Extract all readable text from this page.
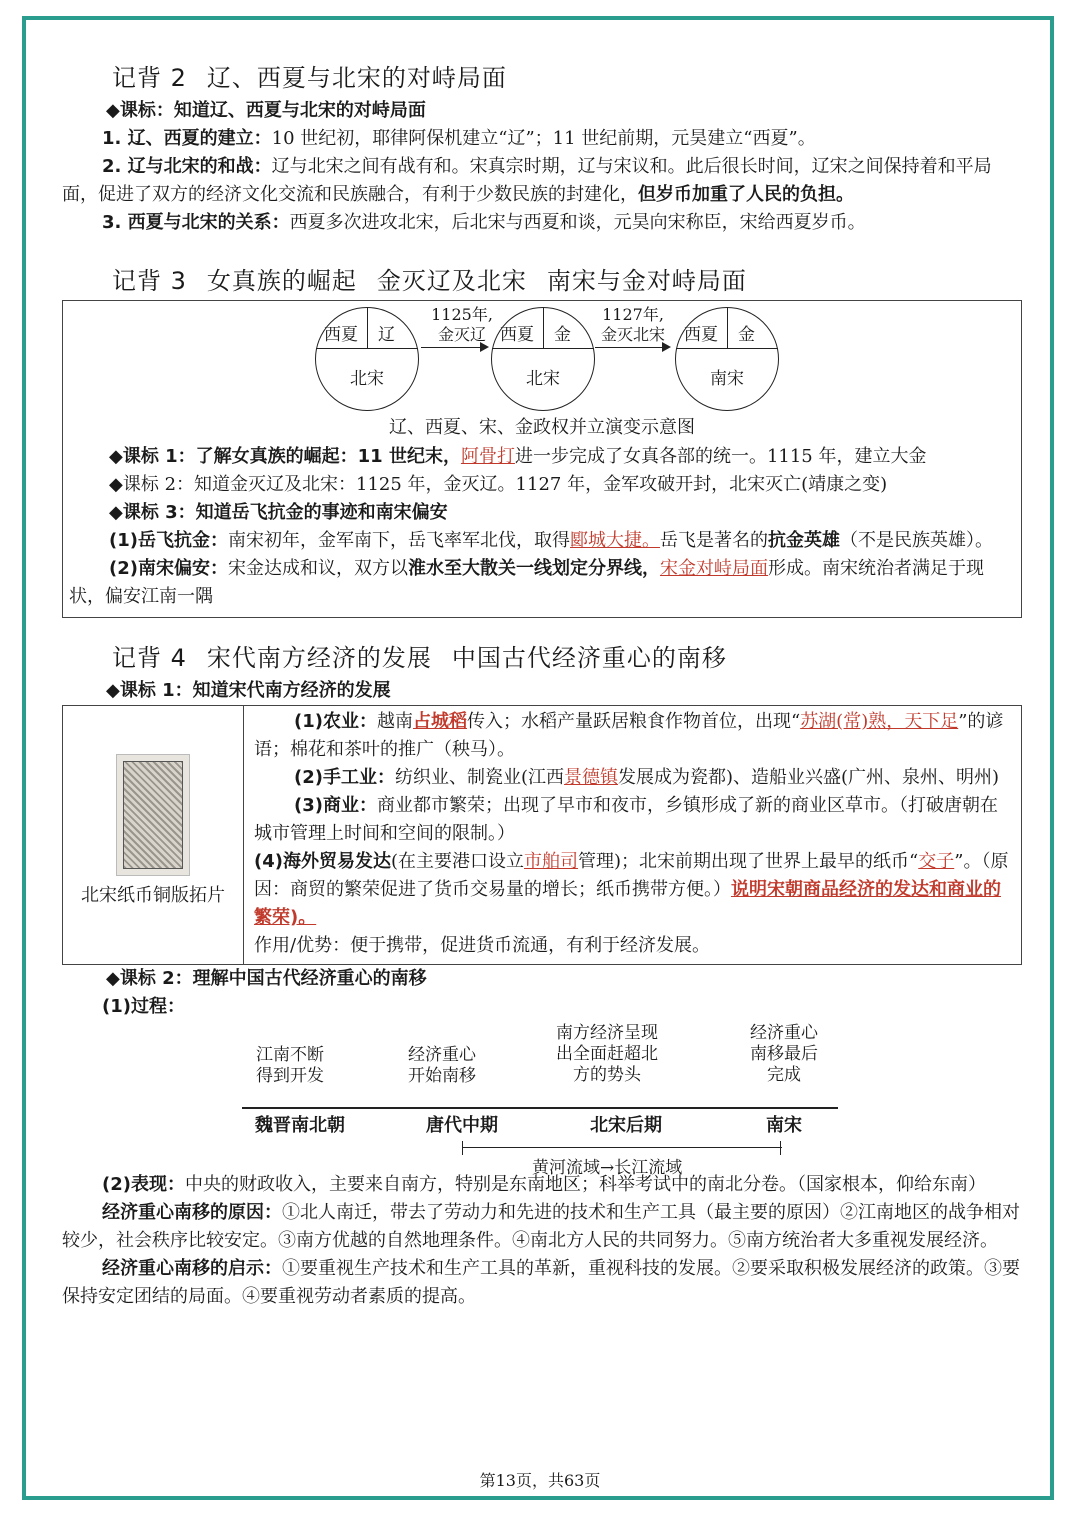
记背 2 辽、西夏与北宋的对峙局面

◆课标：知道辽、西夏与北宋的对峙局面

1. 辽、西夏的建立：10 世纪初，耶律阿保机建立“辽”；11 世纪前期，元昊建立“西夏”。

2. 辽与北宋的和战：辽与北宋之间有战有和。宋真宗时期，辽与宋议和。此后很长时间，辽宋之间保持着和平局面，促进了双方的经济文化交流和民族融合，有利于少数民族的封建化，但岁币加重了人民的负担。

3. 西夏与北宋的关系：西夏多次进攻北宋，后北宋与西夏和谈，元昊向宋称臣，宋给西夏岁币。

记背 3 女真族的崛起 金灭辽及北宋 南宋与金对峙局面
西夏 辽
北宋
1125年,
金灭辽 西夏 金
北宋
1127年,
金灭北宋	西夏 金
南宋

辽、西夏、宋、金政权并立演变示意图

◆课标 1：了解女真族的崛起：11 世纪末，阿骨打进一步完成了女真各部的统一。1115 年，建立大金

◆课标 2：知道金灭辽及北宋：1125 年，金灭辽。1127 年，金军攻破开封，北宋灭亡(靖康之变)

◆课标 3：知道岳飞抗金的事迹和南宋偏安

(1)岳飞抗金：南宋初年，金军南下，岳飞率军北伐，取得郾城大捷。岳飞是著名的抗金英雄（不是民族英雄）。

(2)南宋偏安：宋金达成和议，双方以淮水至大散关一线划定分界线，宋金对峙局面形成。南宋统治者满足于现状，偏安江南一隅

记背 4 宋代南方经济的发展 中国古代经济重心的南移

◆课标 1：知道宋代南方经济的发展

北宋纸币铜版拓片

(1)农业：越南占城稻传入；水稻产量跃居粮食作物首位，出现“苏湖(常)熟，天下足”的谚语；棉花和茶叶的推广（秧马）。

(2)手工业：纺织业、制瓷业(江西景德镇发展成为瓷都)、造船业兴盛(广州、泉州、明州)

(3)商业：商业都市繁荣；出现了早市和夜市，乡镇形成了新的商业区草市。（打破唐朝在城市管理上时间和空间的限制。）

(4)海外贸易发达(在主要港口设立市舶司管理)；北宋前期出现了世界上最早的纸币“交子”。（原因：商贸的繁荣促进了货币交易量的增长；纸币携带方便。）说明宋朝商品经济的发达和商业的繁荣)。

作用/优势：便于携带，促进货币流通，有利于经济发展。

◆课标 2：理解中国古代经济重心的南移

(1)过程：

江南不断
得到开发
经济重心
开始南移
南方经济呈现
出全面赶超北
方的势头
经济重心
南移最后
完成
魏晋南北朝	唐代中期	北宋后期	南宋
黄河流域→长江流域

(2)表现：中央的财政收入，主要来自南方，特别是东南地区；科举考试中的南北分卷。（国家根本，仰给东南）

经济重心南移的原因：①北人南迁，带去了劳动力和先进的技术和生产工具（最主要的原因）②江南地区的战争相对较少，社会秩序比较安定。③南方优越的自然地理条件。④南北方人民的共同努力。⑤南方统治者大多重视发展经济。

经济重心南移的启示：①要重视生产技术和生产工具的革新，重视科技的发展。②要采取积极发展经济的政策。③要保持安定团结的局面。④要重视劳动者素质的提高。

第13页，共63页
